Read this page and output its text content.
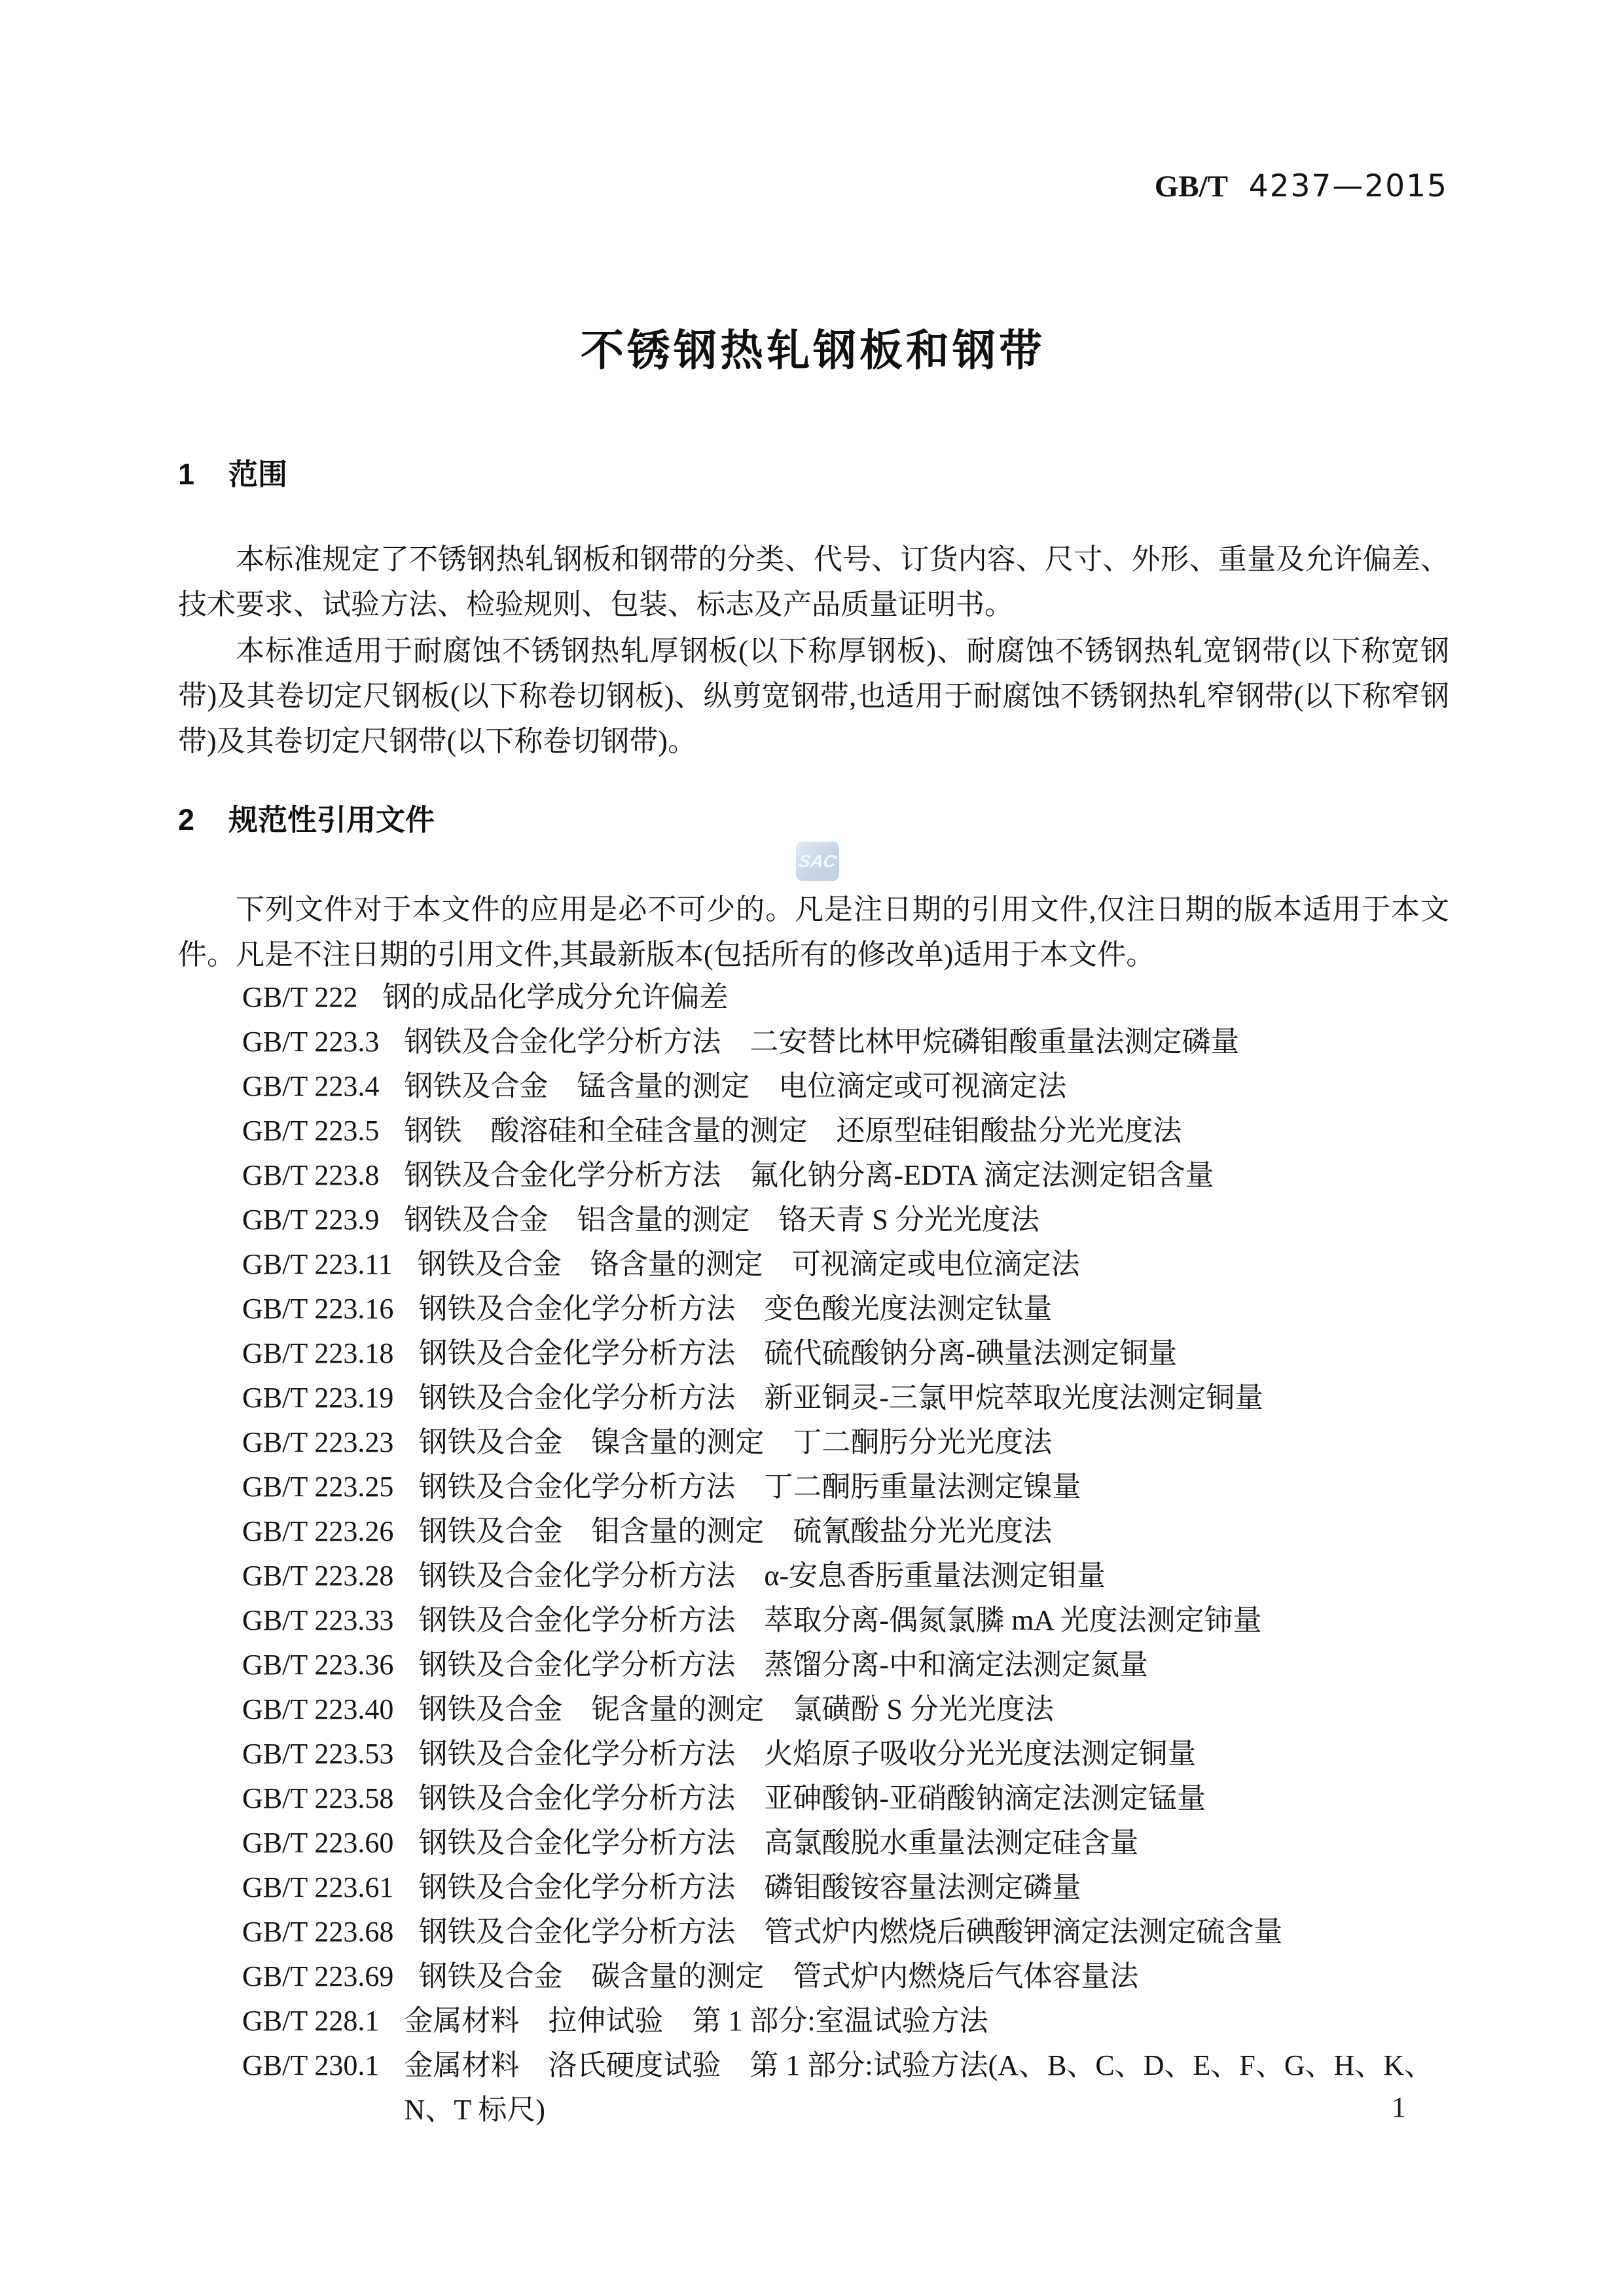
GB/T 4237—2015
不锈钢热轧钢板和钢带
1 范围

本标准规定了不锈钢热轧钢板和钢带的分类、代号、订货内容、尺寸、外形、重量及允许偏差、技术要求、试验方法、检验规则、包装、标志及产品质量证明书。

本标准适用于耐腐蚀不锈钢热轧厚钢板(以下称厚钢板)、耐腐蚀不锈钢热轧宽钢带(以下称宽钢带)及其卷切定尺钢板(以下称卷切钢板)、纵剪宽钢带,也适用于耐腐蚀不锈钢热轧窄钢带(以下称窄钢带)及其卷切定尺钢带(以下称卷切钢带)。

2 规范性引用文件
SAC

下列文件对于本文件的应用是必不可少的。凡是注日期的引用文件,仅注日期的版本适用于本文件。凡是不注日期的引用文件,其最新版本(包括所有的修改单)适用于本文件。

GB/T 222 钢的成品化学成分允许偏差
GB/T 223.3 钢铁及合金化学分析方法　二安替比林甲烷磷钼酸重量法测定磷量
GB/T 223.4 钢铁及合金　锰含量的测定　电位滴定或可视滴定法
GB/T 223.5 钢铁　酸溶硅和全硅含量的测定　还原型硅钼酸盐分光光度法
GB/T 223.8 钢铁及合金化学分析方法　氟化钠分离-EDTA 滴定法测定铝含量
GB/T 223.9 钢铁及合金　铝含量的测定　铬天青 S 分光光度法
GB/T 223.11 钢铁及合金　铬含量的测定　可视滴定或电位滴定法
GB/T 223.16 钢铁及合金化学分析方法　变色酸光度法测定钛量
GB/T 223.18 钢铁及合金化学分析方法　硫代硫酸钠分离-碘量法测定铜量
GB/T 223.19 钢铁及合金化学分析方法　新亚铜灵-三氯甲烷萃取光度法测定铜量
GB/T 223.23 钢铁及合金　镍含量的测定　丁二酮肟分光光度法
GB/T 223.25 钢铁及合金化学分析方法　丁二酮肟重量法测定镍量
GB/T 223.26 钢铁及合金　钼含量的测定　硫氰酸盐分光光度法
GB/T 223.28 钢铁及合金化学分析方法　α-安息香肟重量法测定钼量
GB/T 223.33 钢铁及合金化学分析方法　萃取分离-偶氮氯膦 mA 光度法测定铈量
GB/T 223.36 钢铁及合金化学分析方法　蒸馏分离-中和滴定法测定氮量
GB/T 223.40 钢铁及合金　铌含量的测定　氯磺酚 S 分光光度法
GB/T 223.53 钢铁及合金化学分析方法　火焰原子吸收分光光度法测定铜量
GB/T 223.58 钢铁及合金化学分析方法　亚砷酸钠-亚硝酸钠滴定法测定锰量
GB/T 223.60 钢铁及合金化学分析方法　高氯酸脱水重量法测定硅含量
GB/T 223.61 钢铁及合金化学分析方法　磷钼酸铵容量法测定磷量
GB/T 223.68 钢铁及合金化学分析方法　管式炉内燃烧后碘酸钾滴定法测定硫含量
GB/T 223.69 钢铁及合金　碳含量的测定　管式炉内燃烧后气体容量法
GB/T 228.1 金属材料　拉伸试验　第 1 部分:室温试验方法
GB/T 230.1 金属材料　洛氏硬度试验　第 1 部分:试验方法(A、B、C、D、E、F、G、H、K、N、T 标尺)	1
